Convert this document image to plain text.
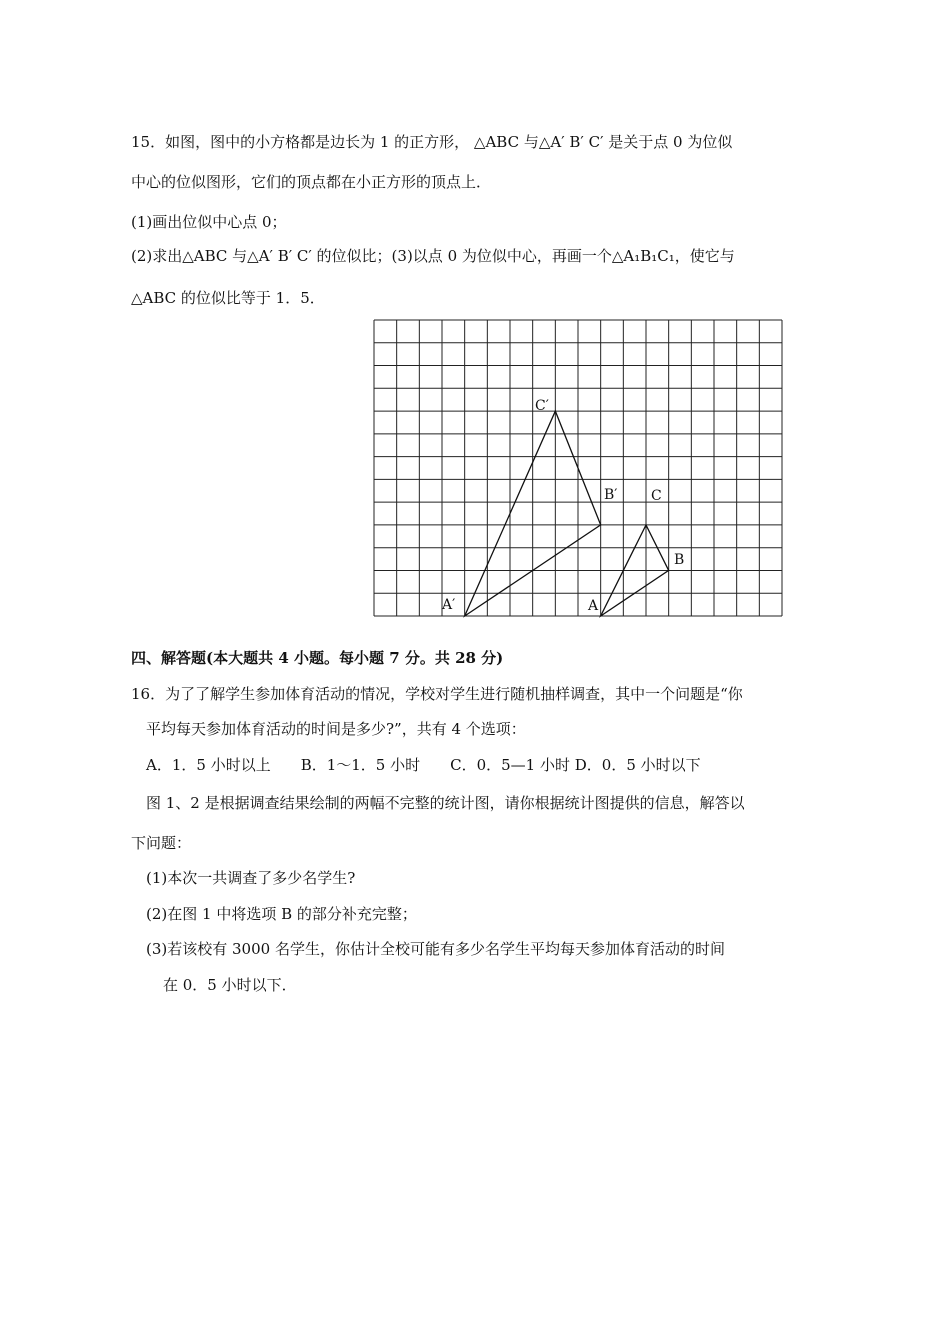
15．如图，图中的小方格都是边长为 1 的正方形， △ABC 与△A′ B′ C′ 是关于点 0 为位似
中心的位似图形，它们的顶点都在小正方形的顶点上．
(1)画出位似中心点 0；
(2)求出△ABC 与△A′ B′ C′ 的位似比；(3)以点 0 为位似中心，再画一个△A₁B₁C₁，使它与
△ABC 的位似比等于 1．5．
C′
B′
A′
C
B
A
四、解答题(本大题共 4 小题。每小题 7 分。共 28 分)
16．为了了解学生参加体育活动的情况，学校对学生进行随机抽样调查，其中一个问题是“你
平均每天参加体育活动的时间是多少?”，共有 4 个选项：
A．1．5 小时以上　　B．1～1．5 小时　　C．0．5—1 小时 D．0．5 小时以下
图 1、2 是根据调查结果绘制的两幅不完整的统计图，请你根据统计图提供的信息，解答以
下问题：
(1)本次一共调查了多少名学生?
(2)在图 1 中将选项 B 的部分补充完整；
(3)若该校有 3000 名学生，你估计全校可能有多少名学生平均每天参加体育活动的时间
在 0．5 小时以下．
